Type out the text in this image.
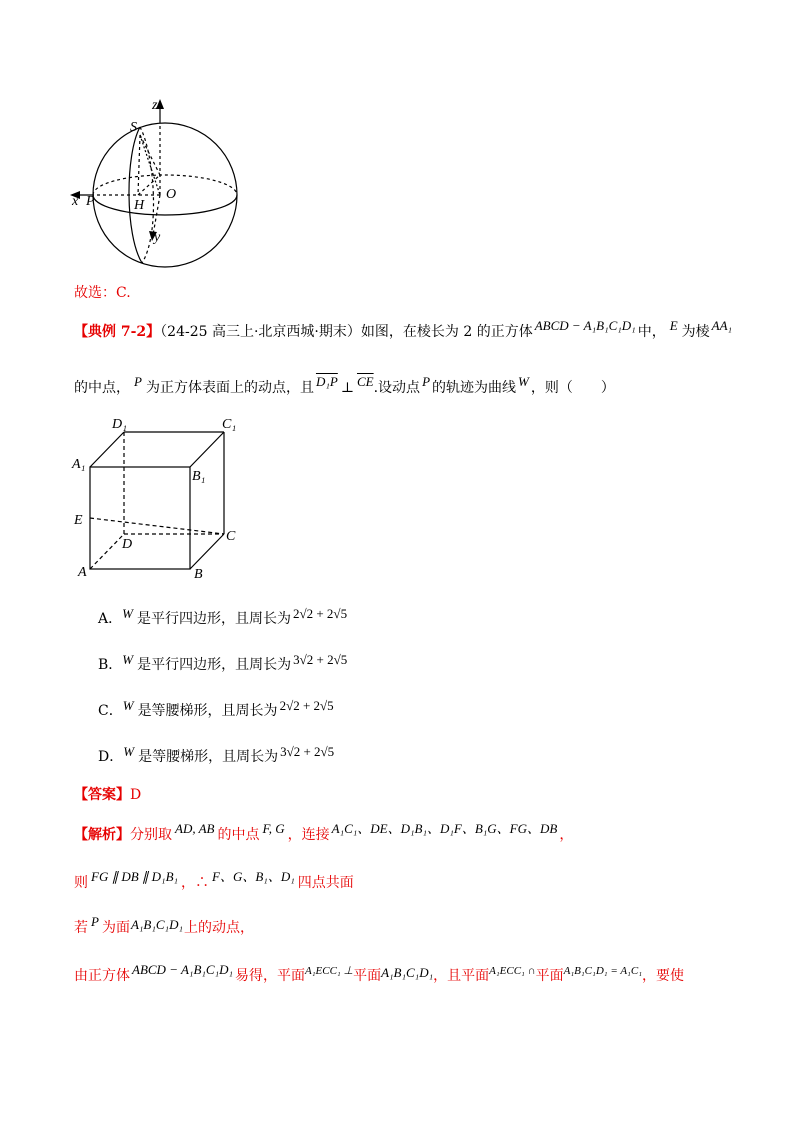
z
S
x P	H
O
y
故选：C.
【典例 7-2】（24-25 高三上·北京西城·期末）如图，在棱长为 2 的正方体 ABCD − A₁B₁C₁D₁ 中， E 为棱 AA₁
的中点， P 为正方体表面上的动点，且 D₁P ⊥ $\overline{CE}$.设动点 P 的轨迹为曲线 W ，则（　　）
D₁	C₁
A₁
B₁
E
D
C
A	B
A．W 是平行四边形，且周长为 2√2 + 2√5
B．W 是平行四边形，且周长为 3√2 + 2√5
C．W 是等腰梯形，且周长为 2√2 + 2√5
D．W 是等腰梯形，且周长为 3√2 + 2√5
【答案】D
【解析】分别取 AD, AB 的中点 F, G ，连接 A₁C₁、DE、D₁B₁、D₁F、B₁G、FG、DB ，
则 FG ∥ DB ∥ D₁B₁ ，∴ F、G、B₁、D₁ 四点共面
若 P 为面A₁B₁C₁D₁上的动点，
由正方体 ABCD − A₁B₁C₁D₁ 易得，平面$^{A_1ECC_1 \perp}$平面A₁B₁C₁D₁，且平面$^{A_1ECC_1 \cap}$平面$^{A_1B_1C_1D_1 = A_1C_1}$，要使
